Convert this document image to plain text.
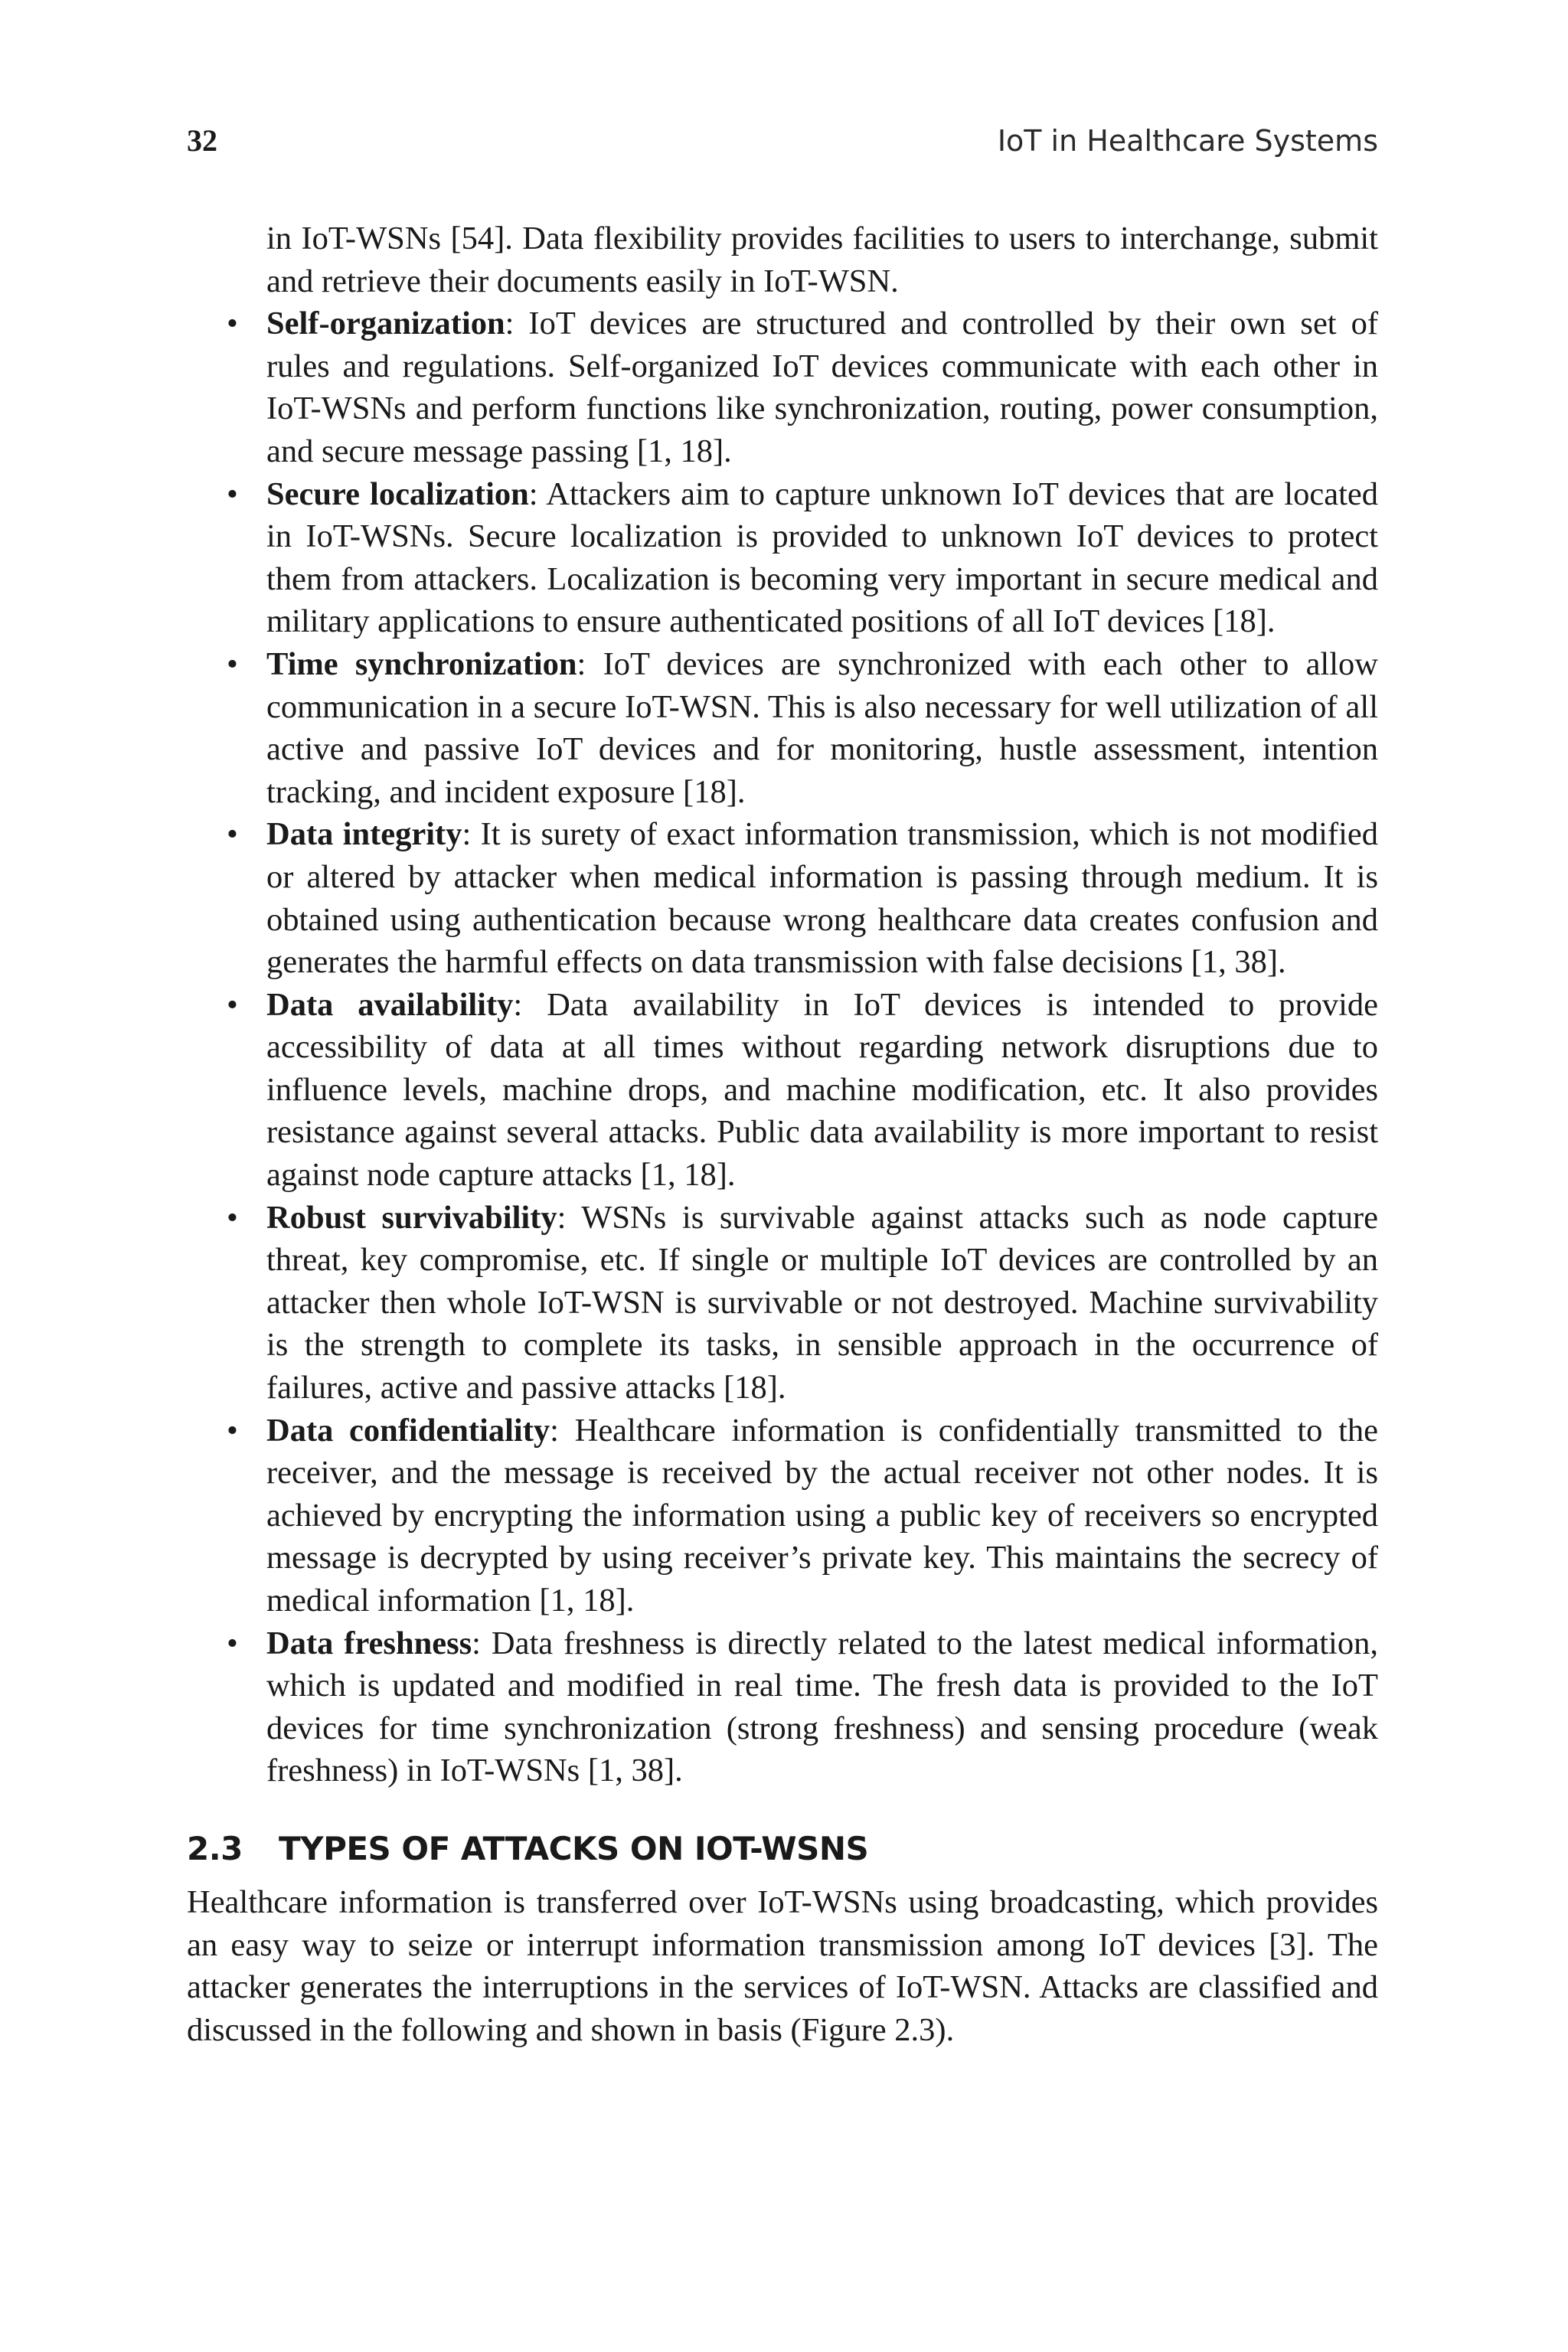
32	IoT in Healthcare Systems

in IoT-WSNs [54]. Data flexibility provides facilities to users to interchange, submit and retrieve their documents easily in IoT-WSN.

• Self-organization: IoT devices are structured and controlled by their own set of rules and regulations. Self-organized IoT devices communicate with each other in IoT-WSNs and perform functions like synchronization, routing, power consumption, and secure message passing [1, 18].
• Secure localization: Attackers aim to capture unknown IoT devices that are located in IoT-WSNs. Secure localization is provided to unknown IoT devices to protect them from attackers. Localization is becoming very important in secure medical and military applications to ensure authenticated positions of all IoT devices [18].
• Time synchronization: IoT devices are synchronized with each other to allow communication in a secure IoT-WSN. This is also necessary for well utilization of all active and passive IoT devices and for monitoring, hustle assessment, intention tracking, and incident exposure [18].
• Data integrity: It is surety of exact information transmission, which is not modified or altered by attacker when medical information is passing through medium. It is obtained using authentication because wrong healthcare data creates confusion and generates the harmful effects on data transmission with false decisions [1, 38].
• Data availability: Data availability in IoT devices is intended to provide accessibility of data at all times without regarding network disruptions due to influence levels, machine drops, and machine modification, etc. It also provides resistance against several attacks. Public data availability is more important to resist against node capture attacks [1, 18].
• Robust survivability: WSNs is survivable against attacks such as node capture threat, key compromise, etc. If single or multiple IoT devices are controlled by an attacker then whole IoT-WSN is survivable or not destroyed. Machine survivability is the strength to complete its tasks, in sensible approach in the occurrence of failures, active and passive attacks [18].
• Data confidentiality: Healthcare information is confidentially transmitted to the receiver, and the message is received by the actual receiver not other nodes. It is achieved by encrypting the information using a public key of receivers so encrypted message is decrypted by using receiver’s private key. This maintains the secrecy of medical information [1, 18].
• Data freshness: Data freshness is directly related to the latest medical information, which is updated and modified in real time. The fresh data is provided to the IoT devices for time synchronization (strong freshness) and sensing procedure (weak freshness) in IoT-WSNs [1, 38].
2.3 TYPES OF ATTACKS ON IOT-WSNS

Healthcare information is transferred over IoT-WSNs using broadcasting, which provides an easy way to seize or interrupt information transmission among IoT devices [3]. The attacker generates the interruptions in the services of IoT-WSN. Attacks are classified and discussed in the following and shown in basis (Figure 2.3).
